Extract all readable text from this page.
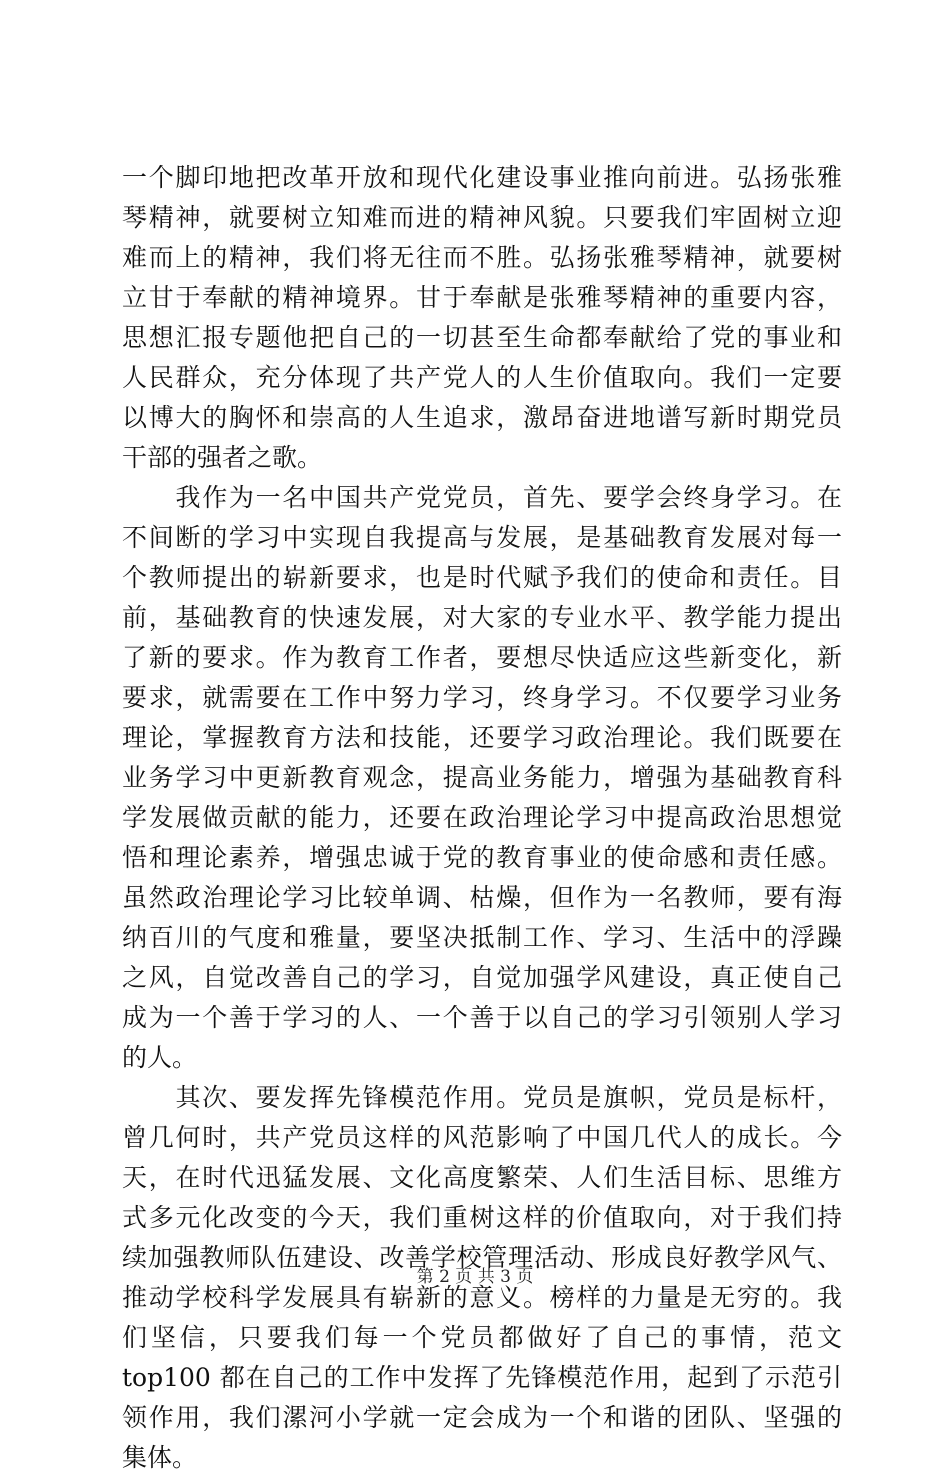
一个脚印地把改革开放和现代化建设事业推向前进。弘扬张雅
琴精神，就要树立知难而进的精神风貌。只要我们牢固树立迎
难而上的精神，我们将无往而不胜。弘扬张雅琴精神，就要树
立甘于奉献的精神境界。甘于奉献是张雅琴精神的重要内容，
思想汇报专题他把自己的一切甚至生命都奉献给了党的事业和
人民群众，充分体现了共产党人的人生价值取向。我们一定要
以博大的胸怀和崇高的人生追求，激昂奋进地谱写新时期党员
干部的强者之歌。
　　我作为一名中国共产党党员，首先、要学会终身学习。在
不间断的学习中实现自我提高与发展，是基础教育发展对每一
个教师提出的崭新要求，也是时代赋予我们的使命和责任。目
前，基础教育的快速发展，对大家的专业水平、教学能力提出
了新的要求。作为教育工作者，要想尽快适应这些新变化，新
要求，就需要在工作中努力学习，终身学习。不仅要学习业务
理论，掌握教育方法和技能，还要学习政治理论。我们既要在
业务学习中更新教育观念，提高业务能力，增强为基础教育科
学发展做贡献的能力，还要在政治理论学习中提高政治思想觉
悟和理论素养，增强忠诚于党的教育事业的使命感和责任感。
虽然政治理论学习比较单调、枯燥，但作为一名教师，要有海
纳百川的气度和雅量，要坚决抵制工作、学习、生活中的浮躁
之风，自觉改善自己的学习，自觉加强学风建设，真正使自己
成为一个善于学习的人、一个善于以自己的学习引领别人学习
的人。
　　其次、要发挥先锋模范作用。党员是旗帜，党员是标杆，
曾几何时，共产党员这样的风范影响了中国几代人的成长。今
天，在时代迅猛发展、文化高度繁荣、人们生活目标、思维方
式多元化改变的今天，我们重树这样的价值取向，对于我们持
续加强教师队伍建设、改善学校管理活动、形成良好教学风气、
推动学校科学发展具有崭新的意义。榜样的力量是无穷的。我
们坚信，只要我们每一个党员都做好了自己的事情，范文
top100 都在自己的工作中发挥了先锋模范作用，起到了示范引
领作用，我们漯河小学就一定会成为一个和谐的团队、坚强的
集体。
第 2 页 共 3 页
